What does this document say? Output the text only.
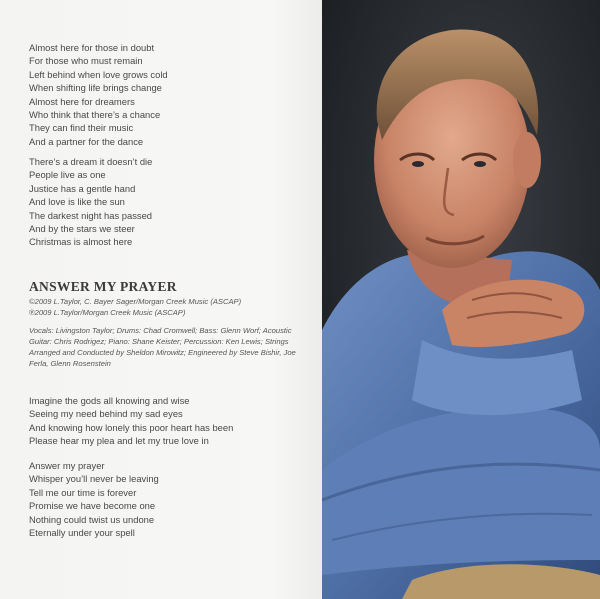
Almost here for those in doubt
For those who must remain
Left behind when love grows cold
When shifting life brings change
Almost here for dreamers
Who think that there’s a chance
They can find their music
And a partner for the dance
There’s a dream it doesn’t die
People live as one
Justice has a gentle hand
And love is like the sun
The darkest night has passed
And by the stars we steer
Christmas is almost here
ANSWER MY PRAYER
©2009 L.Taylor, C. Bayer Sager/Morgan Creek Music (ASCAP)
℗2009 L.Taylor/Morgan Creek Music (ASCAP)
Vocals: Livingston Taylor; Drums: Chad Cromwell; Bass: Glenn Worf; Acoustic Guitar: Chris Rodrigez; Piano: Shane Keister; Percussion: Ken Lewis; Strings Arranged and Conducted by Sheldon Mirowitz; Engineered by Steve Bishir, Joe Ferla, Glenn Rosenstein
Imagine the gods all knowing and wise
Seeing my need behind my sad eyes
And knowing how lonely this poor heart has been
Please hear my plea and let my true love in
Answer my prayer
Whisper you’ll never be leaving
Tell me our time is forever
Promise we have become one
Nothing could twist us undone
Eternally under your spell
